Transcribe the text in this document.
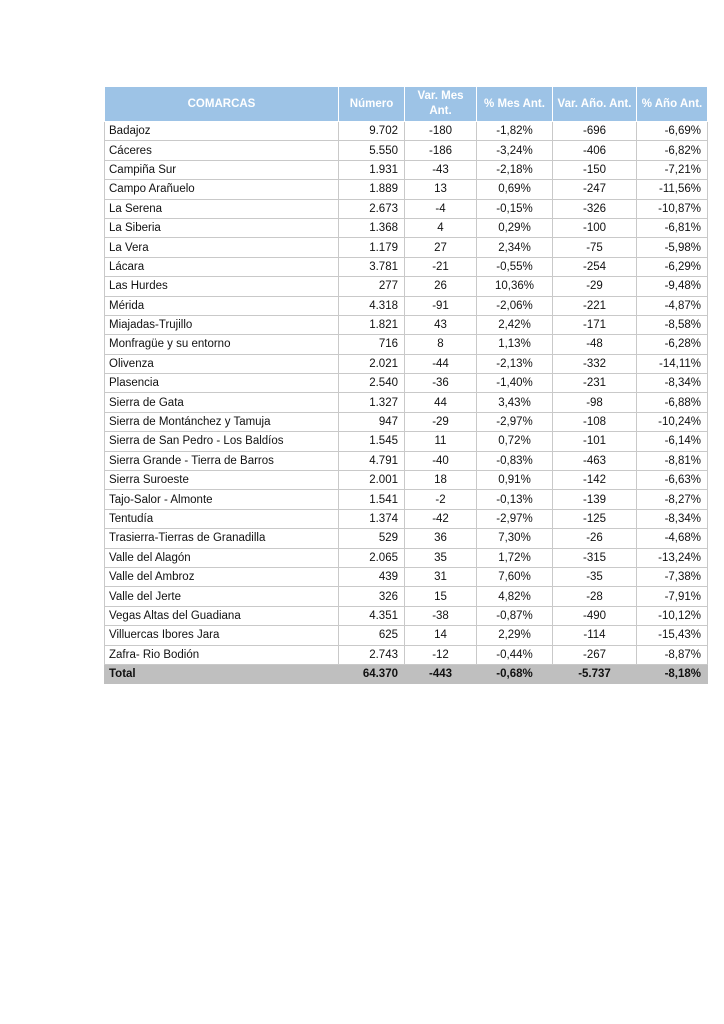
COMARCAS	Número	Var. Mes Ant.	% Mes Ant.	Var. Año. Ant.	% Año Ant.
Badajoz	9.702	-180	-1,82%	-696	-6,69%
Cáceres	5.550	-186	-3,24%	-406	-6,82%
Campiña Sur	1.931	-43	-2,18%	-150	-7,21%
Campo Arañuelo	1.889	13	0,69%	-247	-11,56%
La Serena	2.673	-4	-0,15%	-326	-10,87%
La Siberia	1.368	4	0,29%	-100	-6,81%
La Vera	1.179	27	2,34%	-75	-5,98%
Lácara	3.781	-21	-0,55%	-254	-6,29%
Las Hurdes	277	26	10,36%	-29	-9,48%
Mérida	4.318	-91	-2,06%	-221	-4,87%
Miajadas-Trujillo	1.821	43	2,42%	-171	-8,58%
Monfragüe y su entorno	716	8	1,13%	-48	-6,28%
Olivenza	2.021	-44	-2,13%	-332	-14,11%
Plasencia	2.540	-36	-1,40%	-231	-8,34%
Sierra de Gata	1.327	44	3,43%	-98	-6,88%
Sierra de Montánchez y Tamuja	947	-29	-2,97%	-108	-10,24%
Sierra de San Pedro - Los Baldíos	1.545	11	0,72%	-101	-6,14%
Sierra Grande - Tierra de Barros	4.791	-40	-0,83%	-463	-8,81%
Sierra Suroeste	2.001	18	0,91%	-142	-6,63%
Tajo-Salor - Almonte	1.541	-2	-0,13%	-139	-8,27%
Tentudía	1.374	-42	-2,97%	-125	-8,34%
Trasierra-Tierras de Granadilla	529	36	7,30%	-26	-4,68%
Valle del Alagón	2.065	35	1,72%	-315	-13,24%
Valle del Ambroz	439	31	7,60%	-35	-7,38%
Valle del Jerte	326	15	4,82%	-28	-7,91%
Vegas Altas del Guadiana	4.351	-38	-0,87%	-490	-10,12%
Villuercas Ibores Jara	625	14	2,29%	-114	-15,43%
Zafra- Rio Bodión	2.743	-12	-0,44%	-267	-8,87%
Total	64.370	-443	-0,68%	-5.737	-8,18%
